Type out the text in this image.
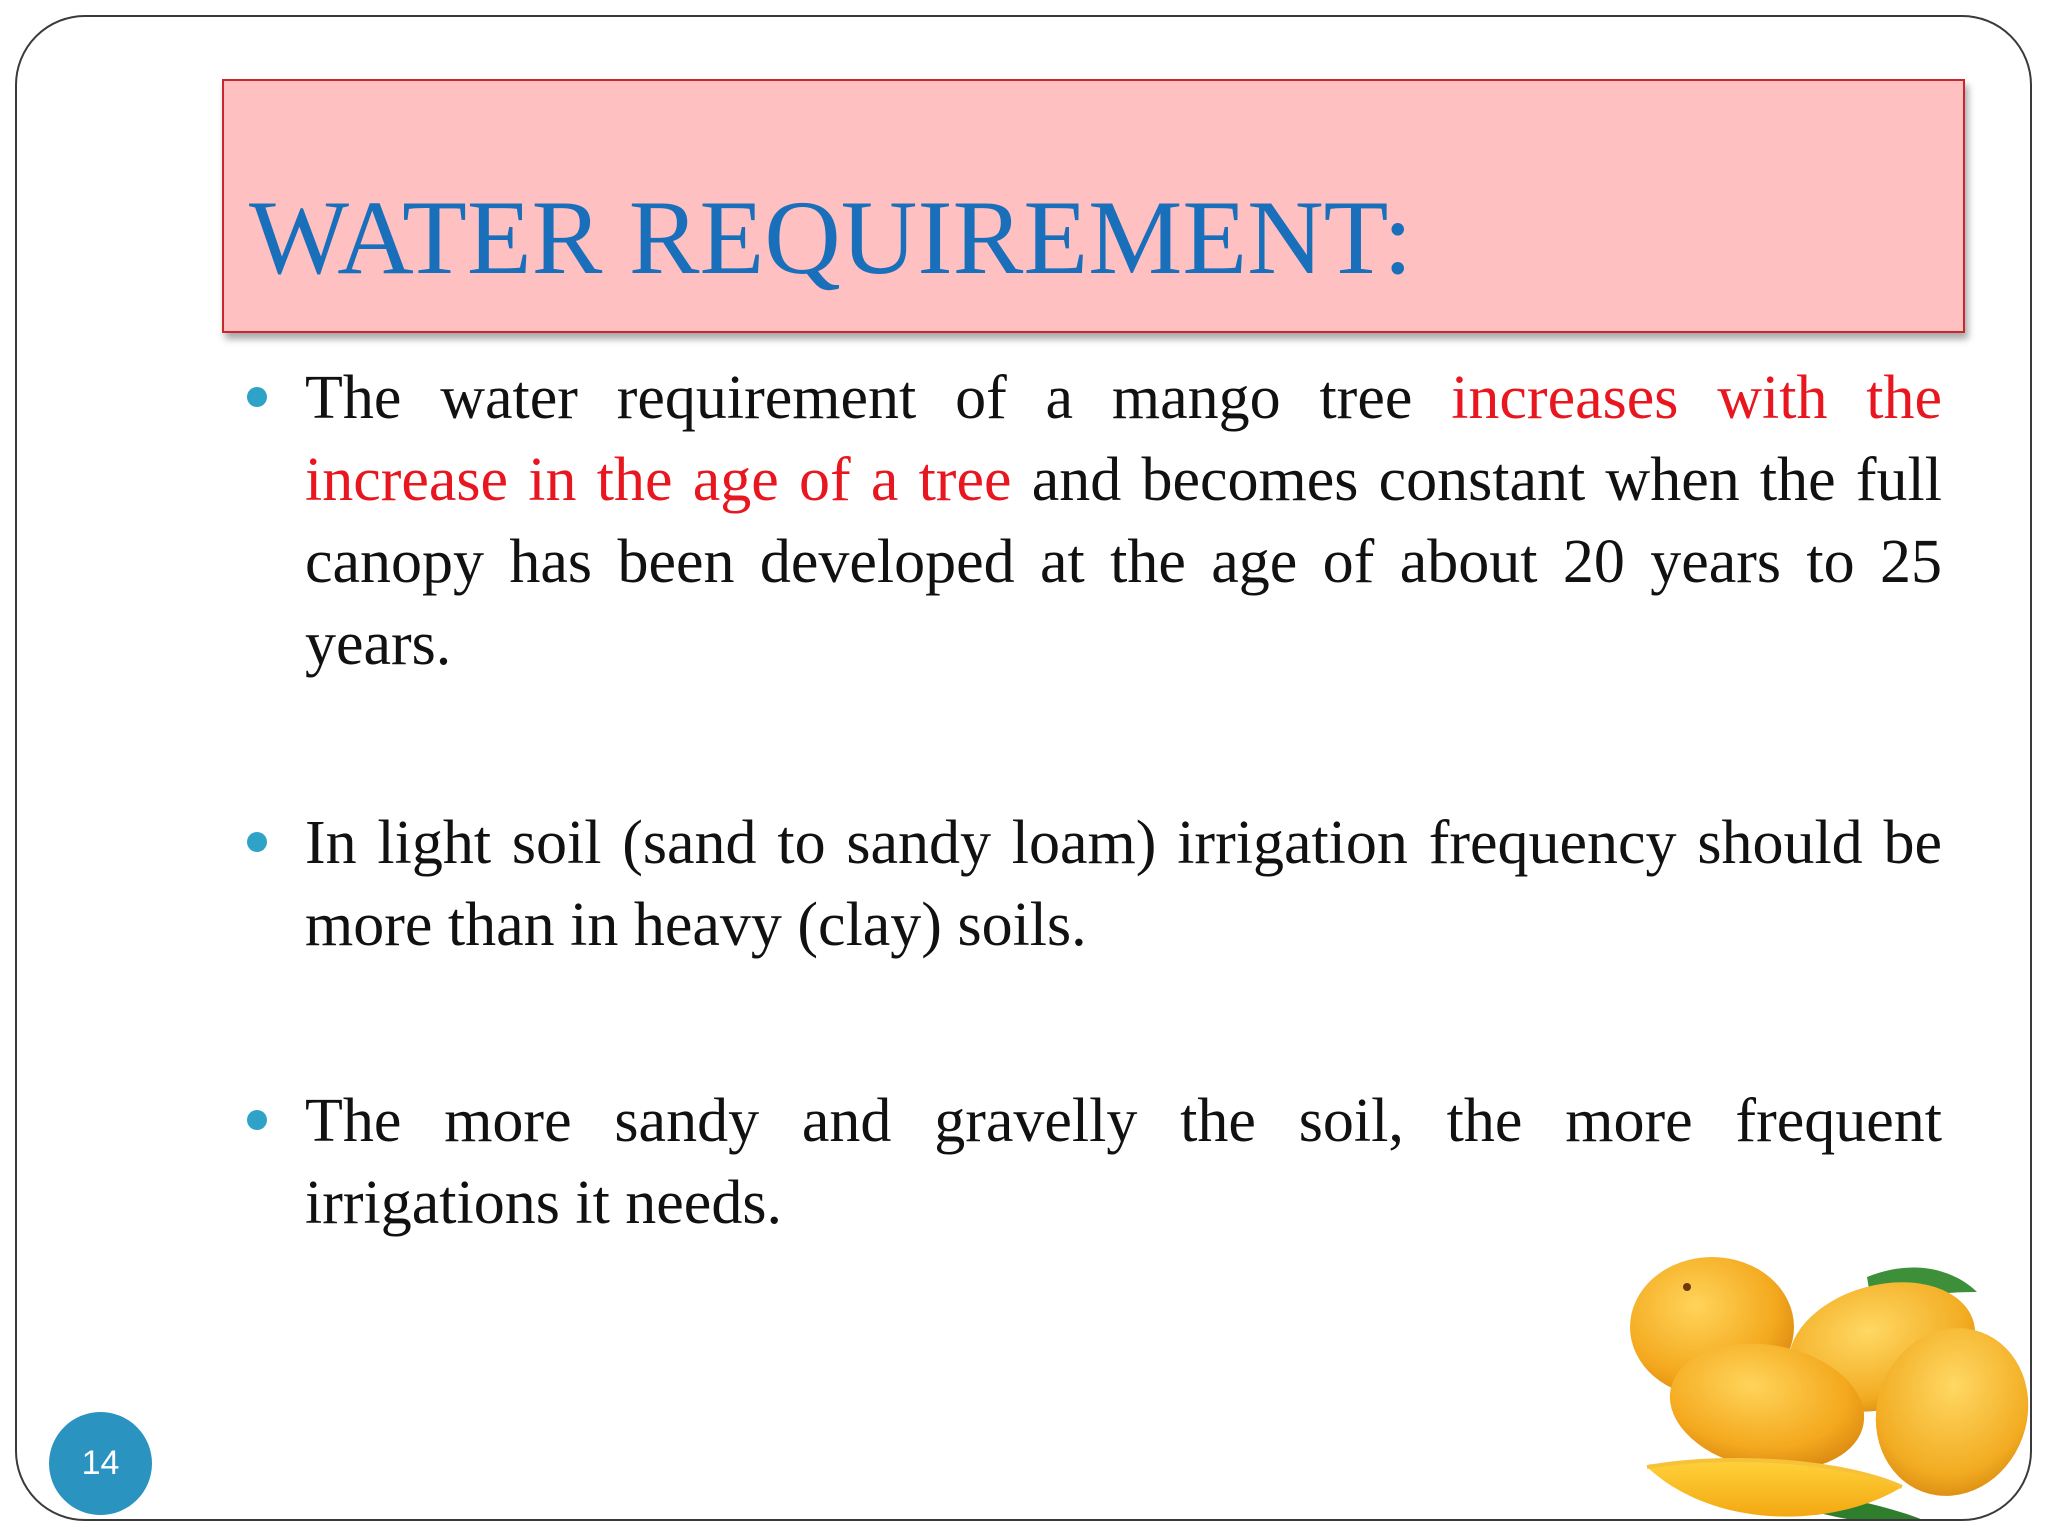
WATER REQUIREMENT:

The water requirement of a mango tree increases with the increase in the age of a tree and becomes constant when the full canopy has been developed at the age of about 20 years to 25 years.

In light soil (sand to sandy loam) irrigation frequency should be more than in heavy (clay) soils.

The more sandy and gravelly the soil, the more frequent irrigations it needs.

14
